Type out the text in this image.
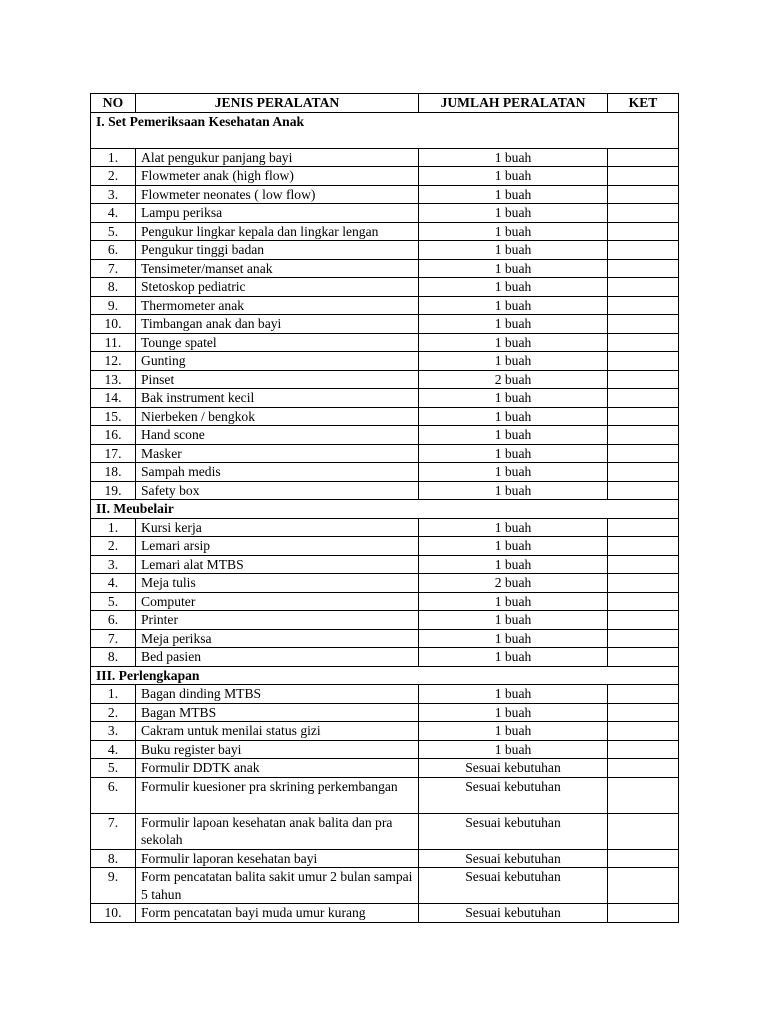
NO	JENIS PERALATAN	JUMLAH PERALATAN	KET
I. Set Pemeriksaan Kesehatan Anak			
1.	Alat pengukur panjang bayi	1 buah	
2.	Flowmeter anak (high flow)	1 buah	
3.	Flowmeter neonates ( low flow)	1 buah	
4.	Lampu periksa	1 buah	
5.	Pengukur lingkar kepala dan lingkar lengan	1 buah	
6.	Pengukur tinggi badan	1 buah	
7.	Tensimeter/manset anak	1 buah	
8.	Stetoskop pediatric	1 buah	
9.	Thermometer anak	1 buah	
10.	Timbangan anak dan bayi	1 buah	
11.	Tounge spatel	1 buah	
12.	Gunting	1 buah	
13.	Pinset	2 buah	
14.	Bak instrument kecil	1 buah	
15.	Nierbeken / bengkok	1 buah	
16.	Hand scone	1 buah	
17.	Masker	1 buah	
18.	Sampah medis	1 buah	
19.	Safety box	1 buah	
II. Meubelair			
1.	Kursi kerja	1 buah	
2.	Lemari arsip	1 buah	
3.	Lemari alat MTBS	1 buah	
4.	Meja tulis	2 buah	
5.	Computer	1 buah	
6.	Printer	1 buah	
7.	Meja periksa	1 buah	
8.	Bed pasien	1 buah	
III. Perlengkapan			
1.	Bagan dinding MTBS	1 buah	
2.	Bagan MTBS	1 buah	
3.	Cakram untuk menilai status gizi	1 buah	
4.	Buku register bayi	1 buah	
5.	Formulir DDTK anak	Sesuai kebutuhan	
6.	Formulir kuesioner pra skrining perkembangan	Sesuai kebutuhan	
7.	Formulir lapoan kesehatan anak balita dan pra sekolah	Sesuai kebutuhan	
8.	Formulir laporan kesehatan bayi	Sesuai kebutuhan	
9.	Form pencatatan balita sakit umur 2 bulan sampai 5 tahun	Sesuai kebutuhan	
10.	Form pencatatan bayi muda umur kurang	Sesuai kebutuhan	
